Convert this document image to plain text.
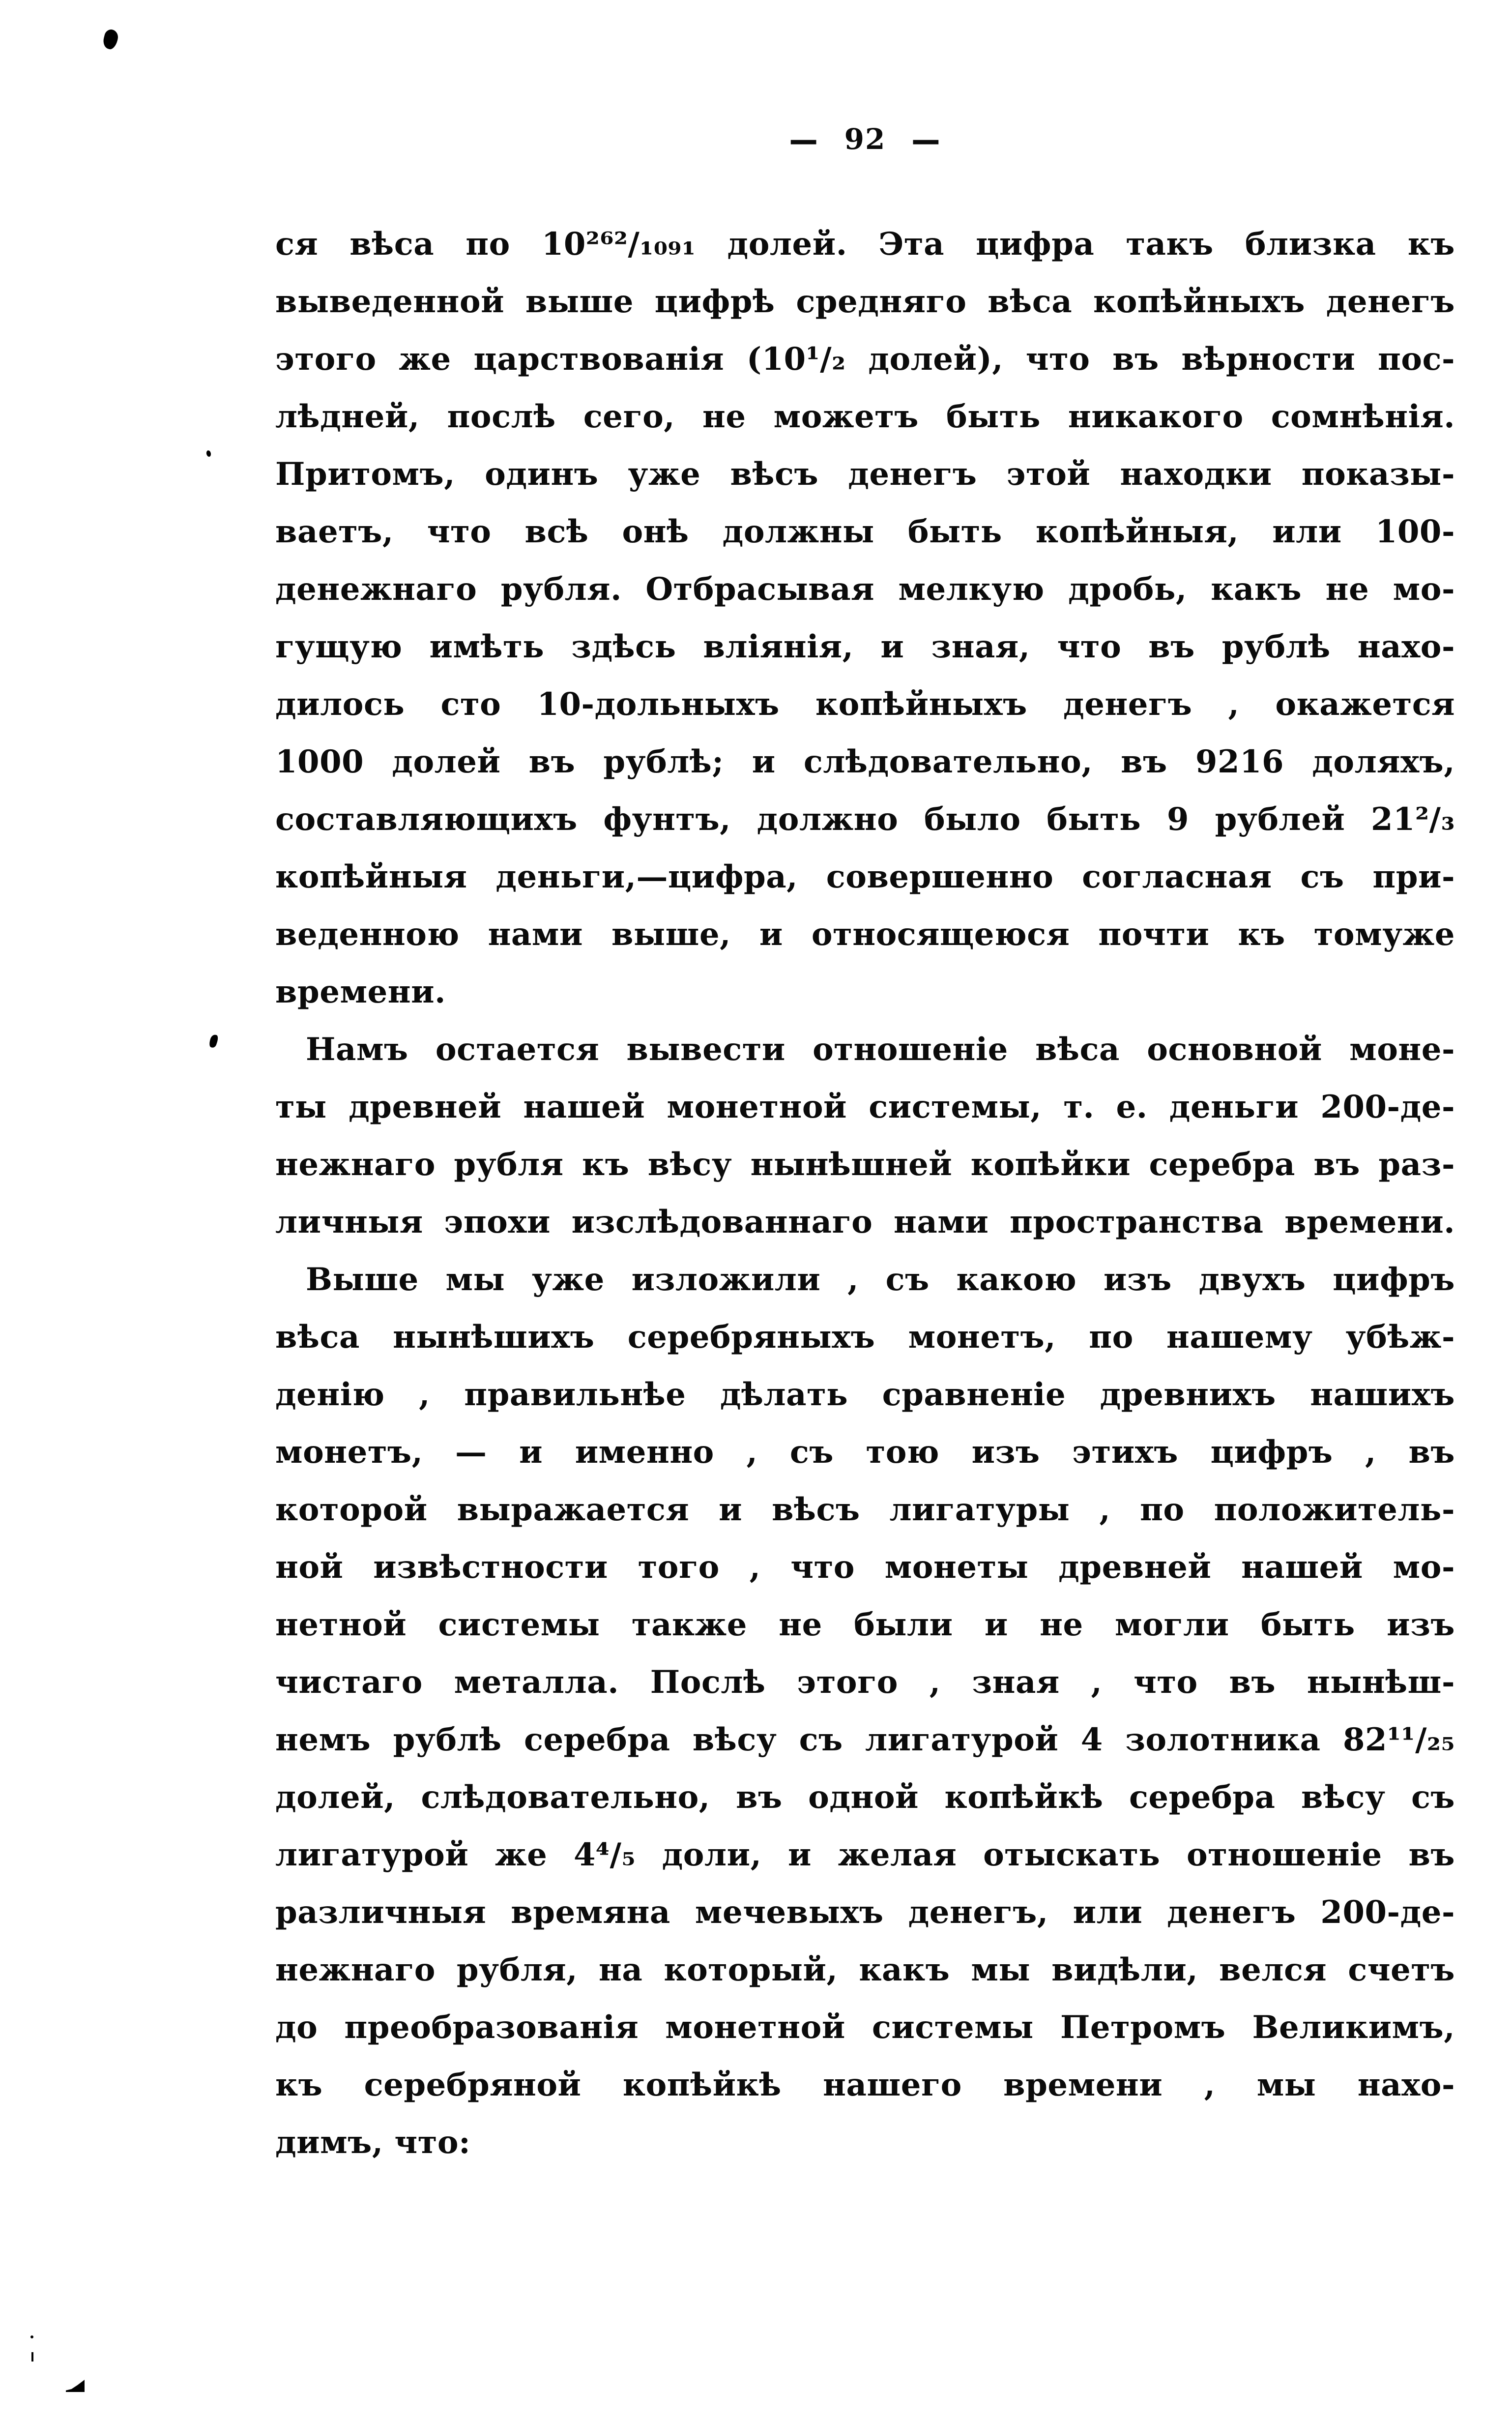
— 92 —
ся вѣса по 10²⁶²/₁₀₉₁ долей. Эта цифра такъ близка къ
выведенной выше цифрѣ средняго вѣса копѣйныхъ денегъ
этого же царствованія (10¹/₂ долей), что въ вѣрности пос-
лѣдней, послѣ сего, не можетъ быть никакого сомнѣнія.
Притомъ, одинъ уже вѣсъ денегъ этой находки показы-
ваетъ, что всѣ онѣ должны быть копѣйныя, или 100-
денежнаго рубля. Отбрасывая мелкую дробь, какъ не мо-
гущую имѣть здѣсь вліянія, и зная, что въ рублѣ нахо-
дилось сто 10-дольныхъ копѣйныхъ денегъ , окажется
1000 долей въ рублѣ; и слѣдовательно, въ 9216 доляхъ,
составляющихъ фунтъ, должно было быть 9 рублей 21²/₃
копѣйныя деньги,—цифра, совершенно согласная съ при-
веденною нами выше, и относящеюся почти къ томуже
времени.
Намъ остается вывести отношеніе вѣса основной моне-
ты древней нашей монетной системы, т. е. деньги 200-де-
нежнаго рубля къ вѣсу нынѣшней копѣйки серебра въ раз-
личныя эпохи изслѣдованнаго нами пространства времени.
Выше мы уже изложили , съ какою изъ двухъ цифръ
вѣса нынѣшихъ серебряныхъ монетъ, по нашему убѣж-
денію , правильнѣе дѣлать сравненіе древнихъ нашихъ
монетъ, — и именно , съ тою изъ этихъ цифръ , въ
которой выражается и вѣсъ лигатуры , по положитель-
ной извѣстности того , что монеты древней нашей мо-
нетной системы также не были и не могли быть изъ
чистаго металла. Послѣ этого , зная , что въ нынѣш-
немъ рублѣ серебра вѣсу съ лигатурой 4 золотника 82¹¹/₂₅
долей, слѣдовательно, въ одной копѣйкѣ серебра вѣсу съ
лигатурой же 4⁴/₅ доли, и желая отыскать отношеніе въ
различныя времяна мечевыхъ денегъ, или денегъ 200-де-
нежнаго рубля, на который, какъ мы видѣли, велся счетъ
до преобразованія монетной системы Петромъ Великимъ,
къ серебряной копѣйкѣ нашего времени , мы нахо-
димъ, что:
